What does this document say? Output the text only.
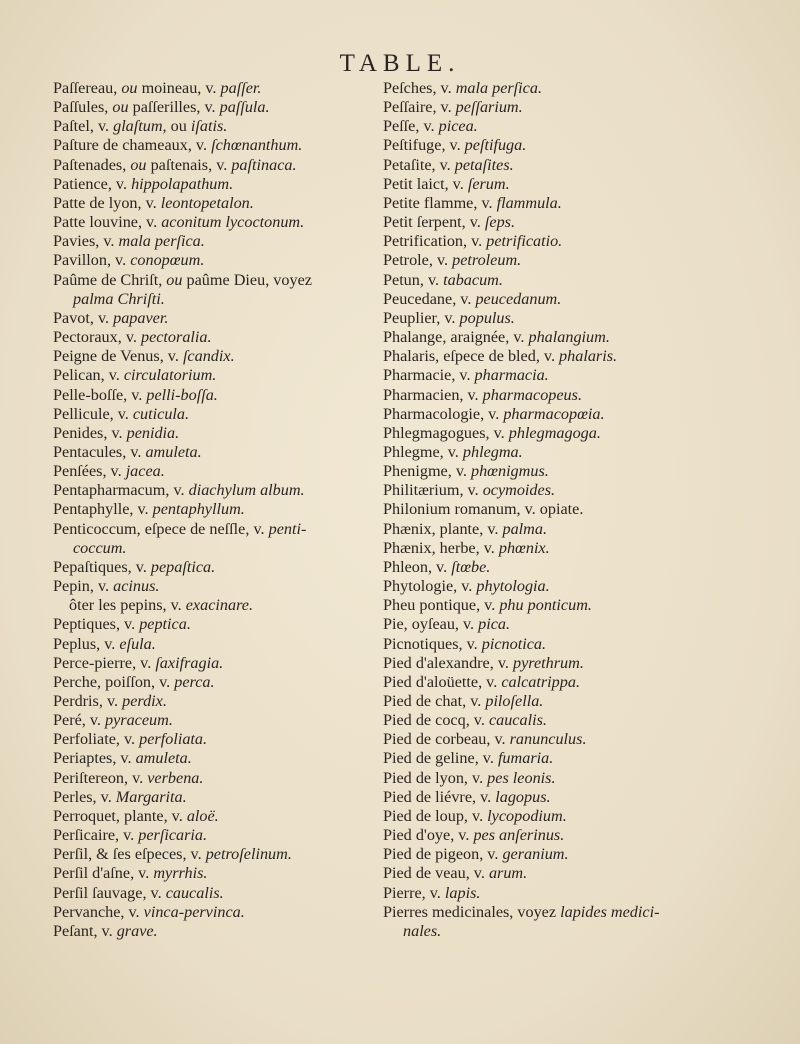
TABLE.
Paſſereau, ou moineau, v. paſſer.
Paſſules, ou paſſerilles, v. paſſula.
Paſtel, v. glaſtum, ou iſatis.
Paſture de chameaux, v. ſchœnanthum.
Paſtenades, ou paſtenais, v. paſtinaca.
Patience, v. hippolapathum.
Patte de lyon, v. leontopetalon.
Patte louvine, v. aconitum lycoctonum.
Pavies, v. mala perſica.
Pavillon, v. conopœum.
Paûme de Chriſt, ou paûme Dieu, voyez
palma Chriſti.
Pavot, v. papaver.
Pectoraux, v. pectoralia.
Peigne de Venus, v. ſcandix.
Pelican, v. circulatorium.
Pelle-boſſe, v. pelli-boſſa.
Pellicule, v. cuticula.
Penides, v. penidia.
Pentacules, v. amuleta.
Penſées, v. jacea.
Pentapharmacum, v. diachylum album.
Pentaphylle, v. pentaphyllum.
Penticoccum, eſpece de neſſle, v. penti-
coccum.
Pepaſtiques, v. pepaſtica.
Pepin, v. acinus.
ôter les pepins, v. exacinare.
Peptiques, v. peptica.
Peplus, v. eſula.
Perce-pierre, v. ſaxifragia.
Perche, poiſſon, v. perca.
Perdris, v. perdix.
Peré, v. pyraceum.
Perfoliate, v. perfoliata.
Periaptes, v. amuleta.
Periſtereon, v. verbena.
Perles, v. Margarita.
Perroquet, plante, v. aloë.
Perſicaire, v. perſicaria.
Perſil, & ſes eſpeces, v. petroſelinum.
Perſil d'aſne, v. myrrhis.
Perſil ſauvage, v. caucalis.
Pervanche, v. vinca-pervinca.
Peſant, v. grave.
Peſches, v. mala perſica.
Peſſaire, v. peſſarium.
Peſſe, v. picea.
Peſtifuge, v. peſtifuga.
Petaſite, v. petaſites.
Petit laict, v. ſerum.
Petite flamme, v. flammula.
Petit ſerpent, v. ſeps.
Petrification, v. petrificatio.
Petrole, v. petroleum.
Petun, v. tabacum.
Peucedane, v. peucedanum.
Peuplier, v. populus.
Phalange, araignée, v. phalangium.
Phalaris, eſpece de bled, v. phalaris.
Pharmacie, v. pharmacia.
Pharmacien, v. pharmacopeus.
Pharmacologie, v. pharmacopœia.
Phlegmagogues, v. phlegmagoga.
Phlegme, v. phlegma.
Phenigme, v. phœnigmus.
Philitærium, v. ocymoides.
Philonium romanum, v. opiate.
Phænix, plante, v. palma.
Phænix, herbe, v. phœnix.
Phleon, v. ſtœbe.
Phytologie, v. phytologia.
Pheu pontique, v. phu ponticum.
Pie, oyſeau, v. pica.
Picnotiques, v. picnotica.
Pied d'alexandre, v. pyrethrum.
Pied d'aloüette, v. calcatrippa.
Pied de chat, v. piloſella.
Pied de cocq, v. caucalis.
Pied de corbeau, v. ranunculus.
Pied de geline, v. fumaria.
Pied de lyon, v. pes leonis.
Pied de liévre, v. lagopus.
Pied de loup, v. lycopodium.
Pied d'oye, v. pes anſerinus.
Pied de pigeon, v. geranium.
Pied de veau, v. arum.
Pierre, v. lapis.
Pierres medicinales, voyez lapides medici-
nales.
